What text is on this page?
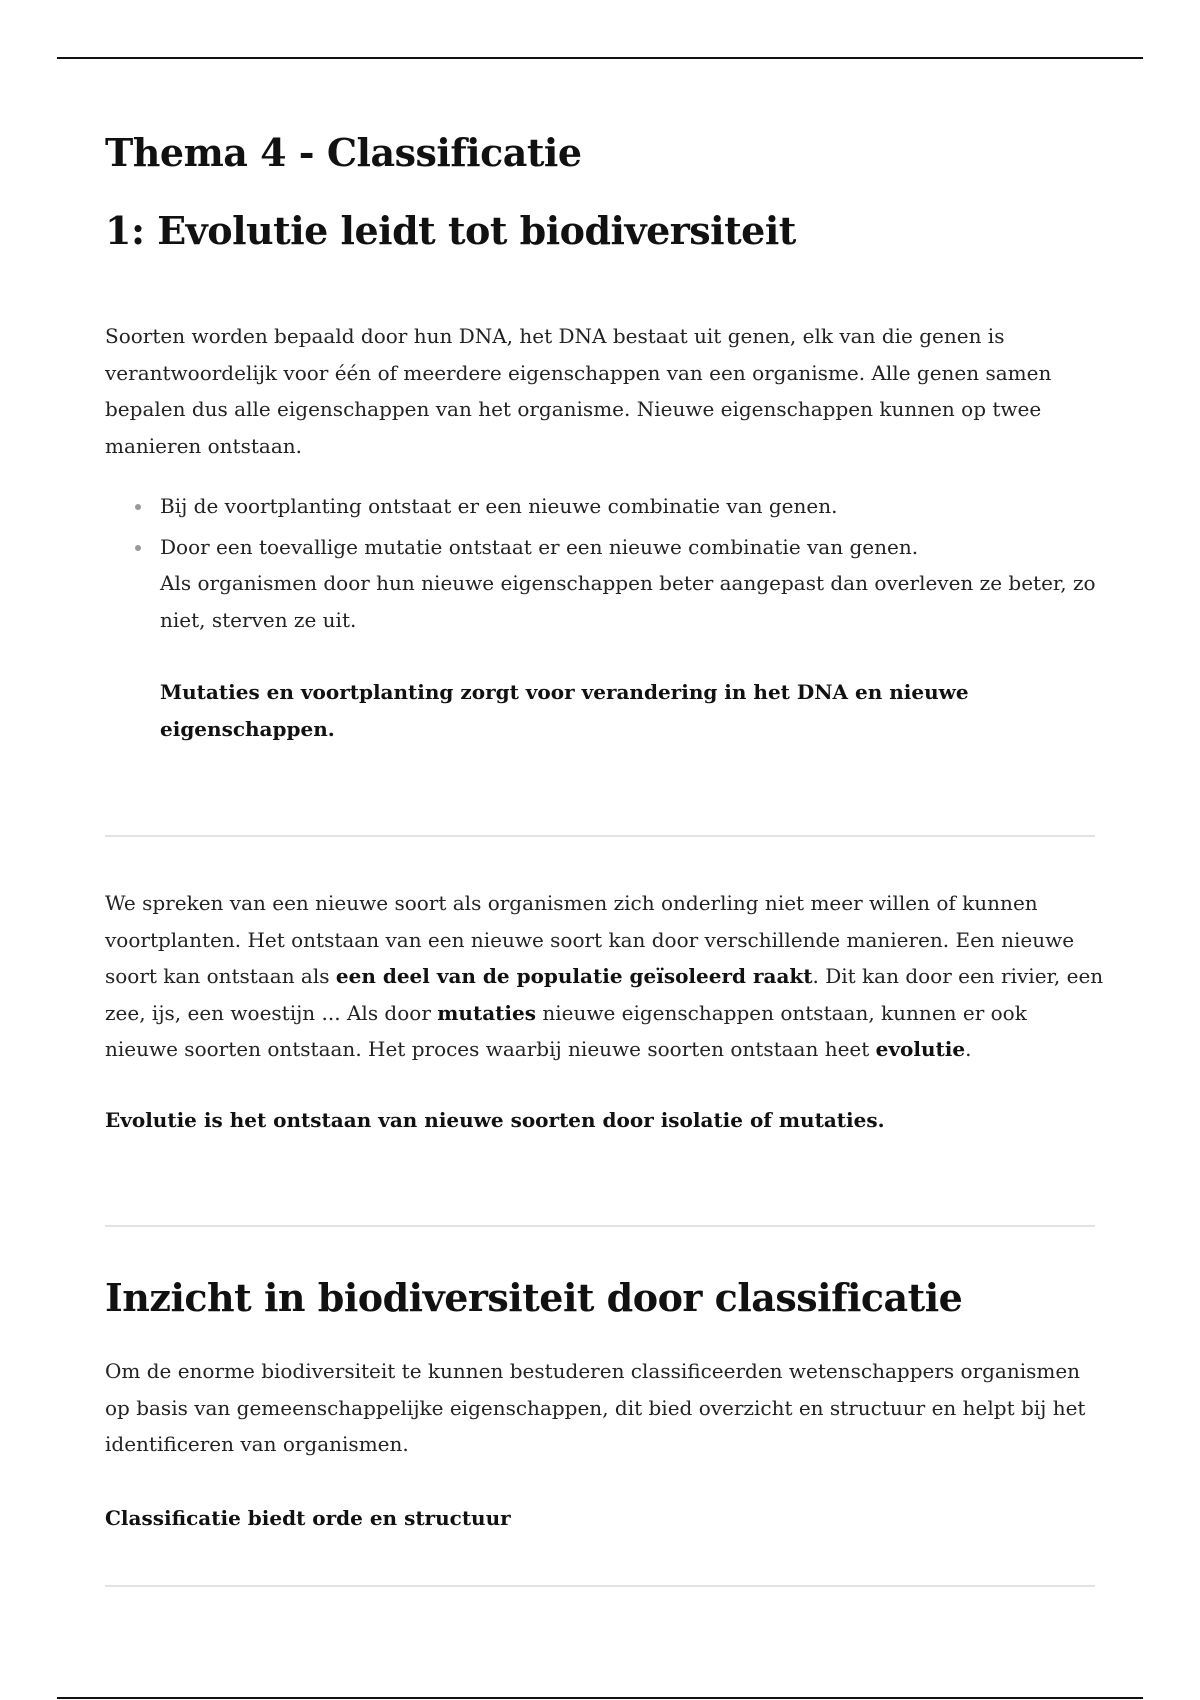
Thema 4 - Classificatie
1: Evolutie leidt tot biodiversiteit

Soorten worden bepaald door hun DNA, het DNA bestaat uit genen, elk van die genen is verantwoordelijk voor één of meerdere eigenschappen van een organisme. Alle genen samen bepalen dus alle eigenschappen van het organisme. Nieuwe eigenschappen kunnen op twee manieren ontstaan.

Bij de voortplanting ontstaat er een nieuwe combinatie van genen.
Door een toevallige mutatie ontstaat er een nieuwe combinatie van genen.
Als organismen door hun nieuwe eigenschappen beter aangepast dan overleven ze beter, zo niet, sterven ze uit.

Mutaties en voortplanting zorgt voor verandering in het DNA en nieuwe eigenschappen.

We spreken van een nieuwe soort als organismen zich onderling niet meer willen of kunnen voortplanten. Het ontstaan van een nieuwe soort kan door verschillende manieren. Een nieuwe soort kan ontstaan als een deel van de populatie geïsoleerd raakt. Dit kan door een rivier, een zee, ijs, een woestijn ... Als door mutaties nieuwe eigenschappen ontstaan, kunnen er ook nieuwe soorten ontstaan. Het proces waarbij nieuwe soorten ontstaan heet evolutie.

Evolutie is het ontstaan van nieuwe soorten door isolatie of mutaties.

Inzicht in biodiversiteit door classificatie

Om de enorme biodiversiteit te kunnen bestuderen classificeerden wetenschappers organismen op basis van gemeenschappelijke eigenschappen, dit bied overzicht en structuur en helpt bij het identificeren van organismen.

Classificatie biedt orde en structuur
